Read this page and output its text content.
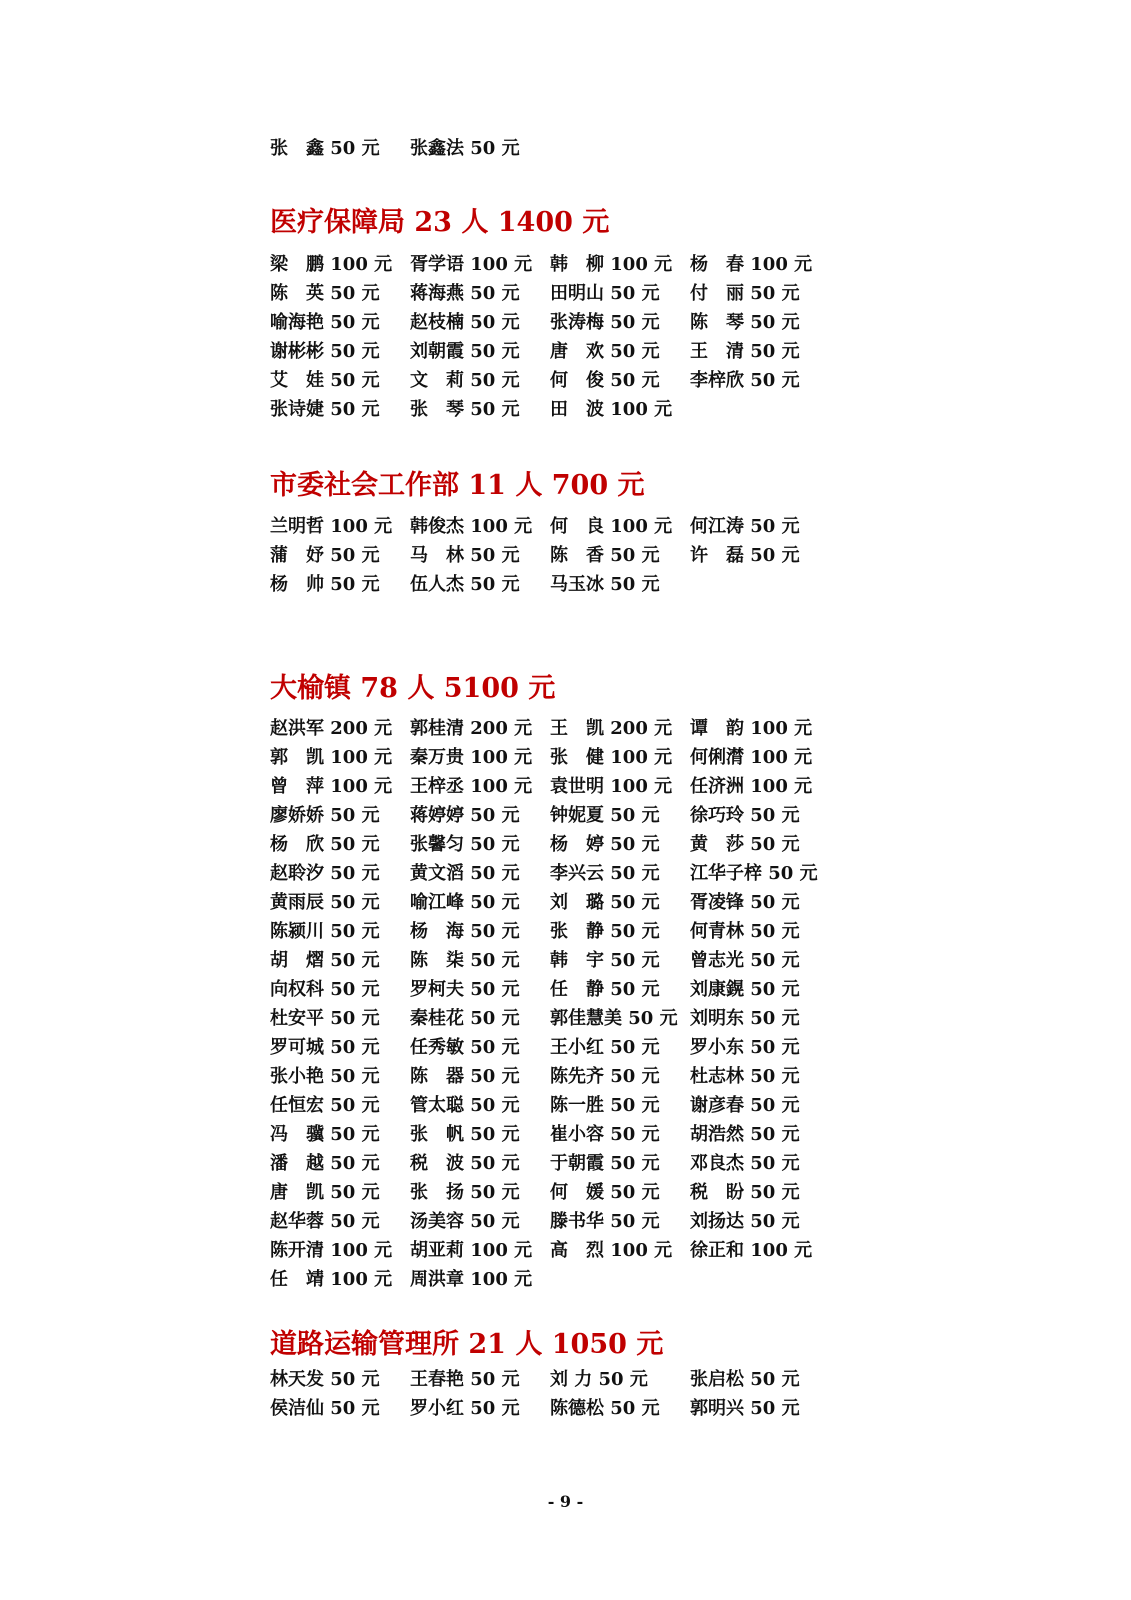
张　鑫 50 元	张鑫法 50 元
医疗保障局 23 人 1400 元
梁　鹏 100 元 胥学语 100 元 韩　柳 100 元 杨　春 100 元
陈　英 50 元	蒋海燕 50 元	田明山 50 元	付　丽 50 元
喻海艳 50 元	赵枝楠 50 元	张涛梅 50 元	陈　琴 50 元
谢彬彬 50 元	刘朝霞 50 元	唐　欢 50 元	王　清 50 元
艾　娃 50 元	文　莉 50 元	何　俊 50 元	李梓欣 50 元
张诗婕 50 元	张　琴 50 元	田　波 100 元
市委社会工作部 11 人 700 元
兰明哲 100 元 韩俊杰 100 元 何　良 100 元 何江涛 50 元
蒲　妤 50 元	马　林 50 元	陈　香 50 元	许　磊 50 元
杨　帅 50 元	伍人杰 50 元	马玉冰 50 元
大榆镇 78 人 5100 元
赵洪军 200 元 郭桂清 200 元 王　凯 200 元 谭　韵 100 元
郭　凯 100 元 秦万贵 100 元 张　健 100 元 何俐潸 100 元
曾　萍 100 元 王梓丞 100 元 袁世明 100 元 任济洲 100 元
廖娇娇 50 元	蒋婷婷 50 元	钟妮夏 50 元	徐巧玲 50 元
杨　欣 50 元	张馨匀 50 元	杨　婷 50 元	黄　莎 50 元
赵聆汐 50 元	黄文滔 50 元	李兴云 50 元	江华子梓 50 元
黄雨辰 50 元	喻江峰 50 元	刘　璐 50 元	胥凌锋 50 元
陈颍川 50 元	杨　海 50 元	张　静 50 元	何青林 50 元
胡　熠 50 元	陈　柒 50 元	韩　宇 50 元	曾志光 50 元
向权科 50 元	罗柯夫 50 元	任　静 50 元	刘康鎤 50 元
杜安平 50 元	秦桂花 50 元	郭佳慧美 50 元 刘明东 50 元
罗可城 50 元	任秀敏 50 元	王小红 50 元	罗小东 50 元
张小艳 50 元	陈　器 50 元	陈先齐 50 元	杜志林 50 元
任恒宏 50 元	管太聪 50 元	陈一胜 50 元	谢彦春 50 元
冯　骥 50 元	张　帆 50 元	崔小容 50 元	胡浩然 50 元
潘　越 50 元	税　波 50 元	于朝霞 50 元	邓良杰 50 元
唐　凯 50 元	张　扬 50 元	何　媛 50 元	税　盼 50 元
赵华蓉 50 元	汤美容 50 元	滕书华 50 元	刘扬达 50 元
陈开清 100 元 胡亚莉 100 元 高　烈 100 元 徐正和 100 元
任　靖 100 元 周洪章 100 元
道路运输管理所 21 人 1050 元
林天发 50 元	王春艳 50 元	刘 力 50 元	张启松 50 元
侯洁仙 50 元	罗小红 50 元	陈德松 50 元	郭明兴 50 元
- 9 -
